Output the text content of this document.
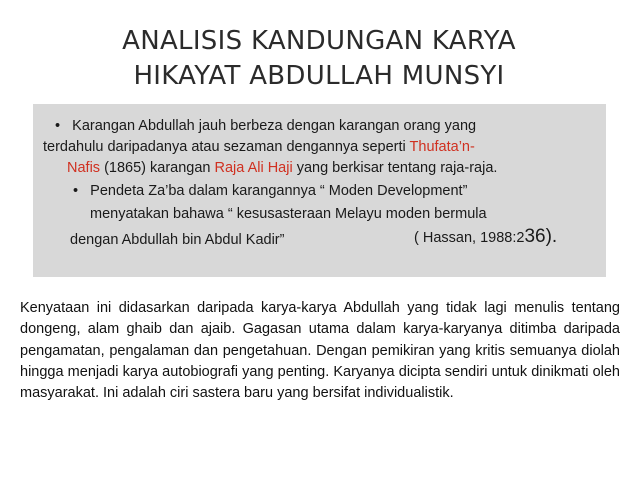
ANALISIS KANDUNGAN KARYA
HIKAYAT ABDULLAH MUNSYI
• Karangan Abdullah jauh berbeza dengan karangan orang yang
terdahulu daripadanya atau sezaman dengannya seperti Thufata’n-
Nafis (1865) karangan Raja Ali Haji yang berkisar tentang raja-raja.
• Pendeta Za’ba dalam karangannya “ Moden Development”
menyatakan bahawa “ kesusasteraan Melayu moden bermula
dengan Abdullah bin Abdul Kadir”	( Hassan, 1988:236).
Kenyataan ini didasarkan daripada karya-karya Abdullah yang tidak lagi menulis tentang dongeng, alam ghaib dan ajaib. Gagasan utama dalam karya-karyanya ditimba daripada pengamatan, pengalaman dan pengetahuan. Dengan pemikiran yang kritis semuanya diolah hingga menjadi karya autobiografi yang penting. Karyanya dicipta sendiri untuk dinikmati oleh masyarakat. Ini adalah ciri sastera baru yang bersifat individualistik.
